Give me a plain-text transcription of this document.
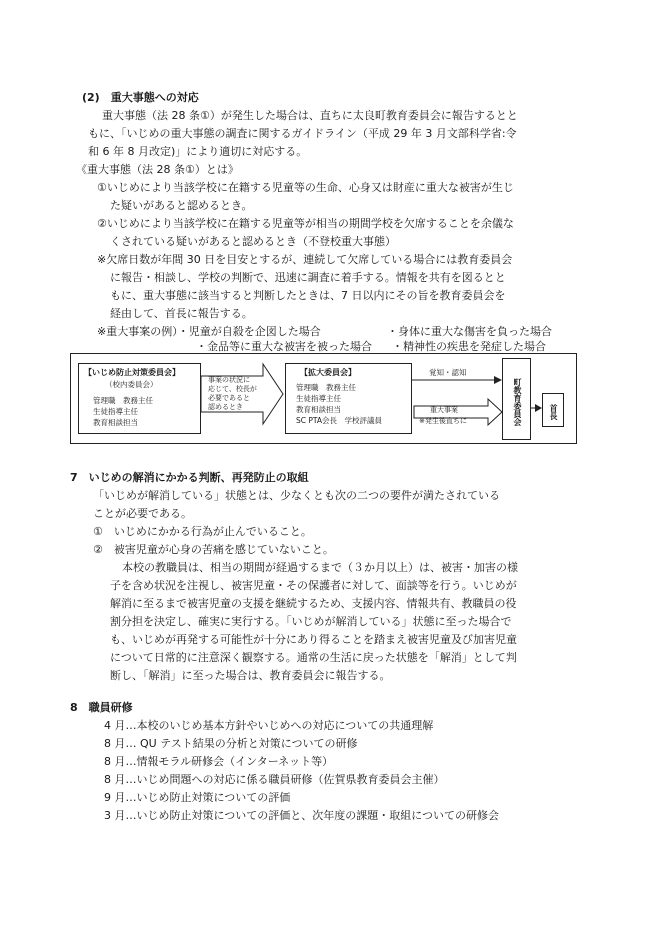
(2)　重大事態への対応
重大事態（法 28 条①）が発生した場合は、直ちに太良町教育委員会に報告するとと
もに、「いじめの重大事態の調査に関するガイドライン（平成 29 年 3 月文部科学省:令
和 6 年 8 月改定)」により適切に対応する。
《重大事態（法 28 条①）とは》
①いじめにより当該学校に在籍する児童等の生命、心身又は財産に重大な被害が生じ
た疑いがあると認めるとき。
②いじめにより当該学校に在籍する児童等が相当の期間学校を欠席することを余儀な
くされている疑いがあると認めるとき（不登校重大事態）
※欠席日数が年間 30 日を目安とするが、連続して欠席している場合には教育委員会
に報告・相談し、学校の判断で、迅速に調査に着手する。情報を共有を図るとと
もに、重大事態に該当すると判断したときは、7 日以内にその旨を教育委員会を
経由して、首長に報告する。
※重大事案の例）・児童が自殺を企図した場合	・身体に重大な傷害を負った場合
・金品等に重大な被害を被った場合 ・精神性の疾患を発症した場合
【いじめ防止対策委員会】
（校内委員会）
管理職　教務主任
生徒指導主任
教育相談担当
事案の状況に
応じて、校長が
必要であると
認めるとき
【拡大委員会】
管理職　教務主任
生徒指導主任
教育相談担当
SC PTA会長　学校評議員
覚知・認知
重大事案
※発生後直ちに	町教育委員会	首長
7　いじめの解消にかかる判断、再発防止の取組
「いじめが解消している」状態とは、少なくとも次の二つの要件が満たされている
ことが必要である。
①　いじめにかかる行為が止んでいること。
②　被害児童が心身の苦痛を感じていないこと。
本校の教職員は、相当の期間が経過するまで（３か月以上）は、被害・加害の様
子を含め状況を注視し、被害児童・その保護者に対して、面談等を行う。いじめが
解消に至るまで被害児童の支援を継続するため、支援内容、情報共有、教職員の役
割分担を決定し、確実に実行する。「いじめが解消している」状態に至った場合で
も、いじめが再発する可能性が十分にあり得ることを踏まえ被害児童及び加害児童
について日常的に注意深く観察する。通常の生活に戻った状態を「解消」として判
断し、「解消」に至った場合は、教育委員会に報告する。
8　職員研修
4 月…本校のいじめ基本方針やいじめへの対応についての共通理解
8 月… QU テスト結果の分析と対策についての研修
8 月…情報モラル研修会（インターネット等）
8 月…いじめ問題への対応に係る職員研修（佐賀県教育委員会主催）
9 月…いじめ防止対策についての評価
3 月…いじめ防止対策についての評価と、次年度の課題・取組についての研修会
